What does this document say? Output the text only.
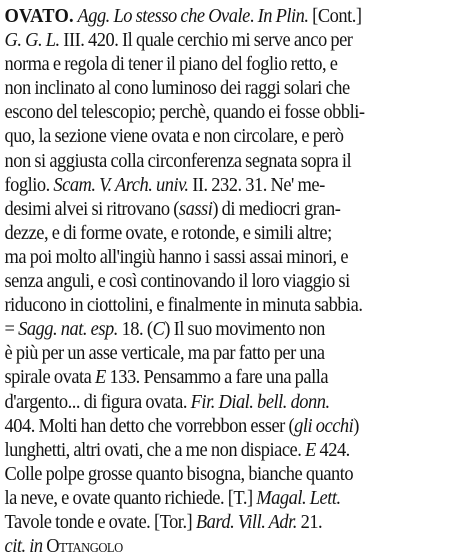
OVATO. Agg. Lo stesso che Ovale. In Plin. [Cont.]
G. G. L. III. 420. Il quale cerchio mi serve anco per
norma e regola di tener il piano del foglio retto, e
non inclinato al cono luminoso dei raggi solari che
escono del telescopio; perchè, quando ei fosse obbli-
quo, la sezione viene ovata e non circolare, e però
non si aggiusta colla circonferenza segnata sopra il
foglio. Scam. V. Arch. univ. II. 232. 31. Ne' me-
desimi alvei si ritrovano (sassi) di mediocri gran-
dezze, e di forme ovate, e rotonde, e simili altre;
ma poi molto all'ingiù hanno i sassi assai minori, e
senza anguli, e così continovando il loro viaggio si
riducono in ciottolini, e finalmente in minuta sabbia.
= Sagg. nat. esp. 18. (C) Il suo movimento non
è più per un asse verticale, ma par fatto per una
spirale ovata E 133. Pensammo a fare una palla
d'argento... di figura ovata. Fir. Dial. bell. donn.
404. Molti han detto che vorrebbon esser (gli occhi)
lunghetti, altri ovati, che a me non dispiace. E 424.
Colle polpe grosse quanto bisogna, bianche quanto
la neve, e ovate quanto richiede. [T.] Magal. Lett.
Tavole tonde e ovate. [Tor.] Bard. Vill. Adr. 21.
cit. in Ottangolo
